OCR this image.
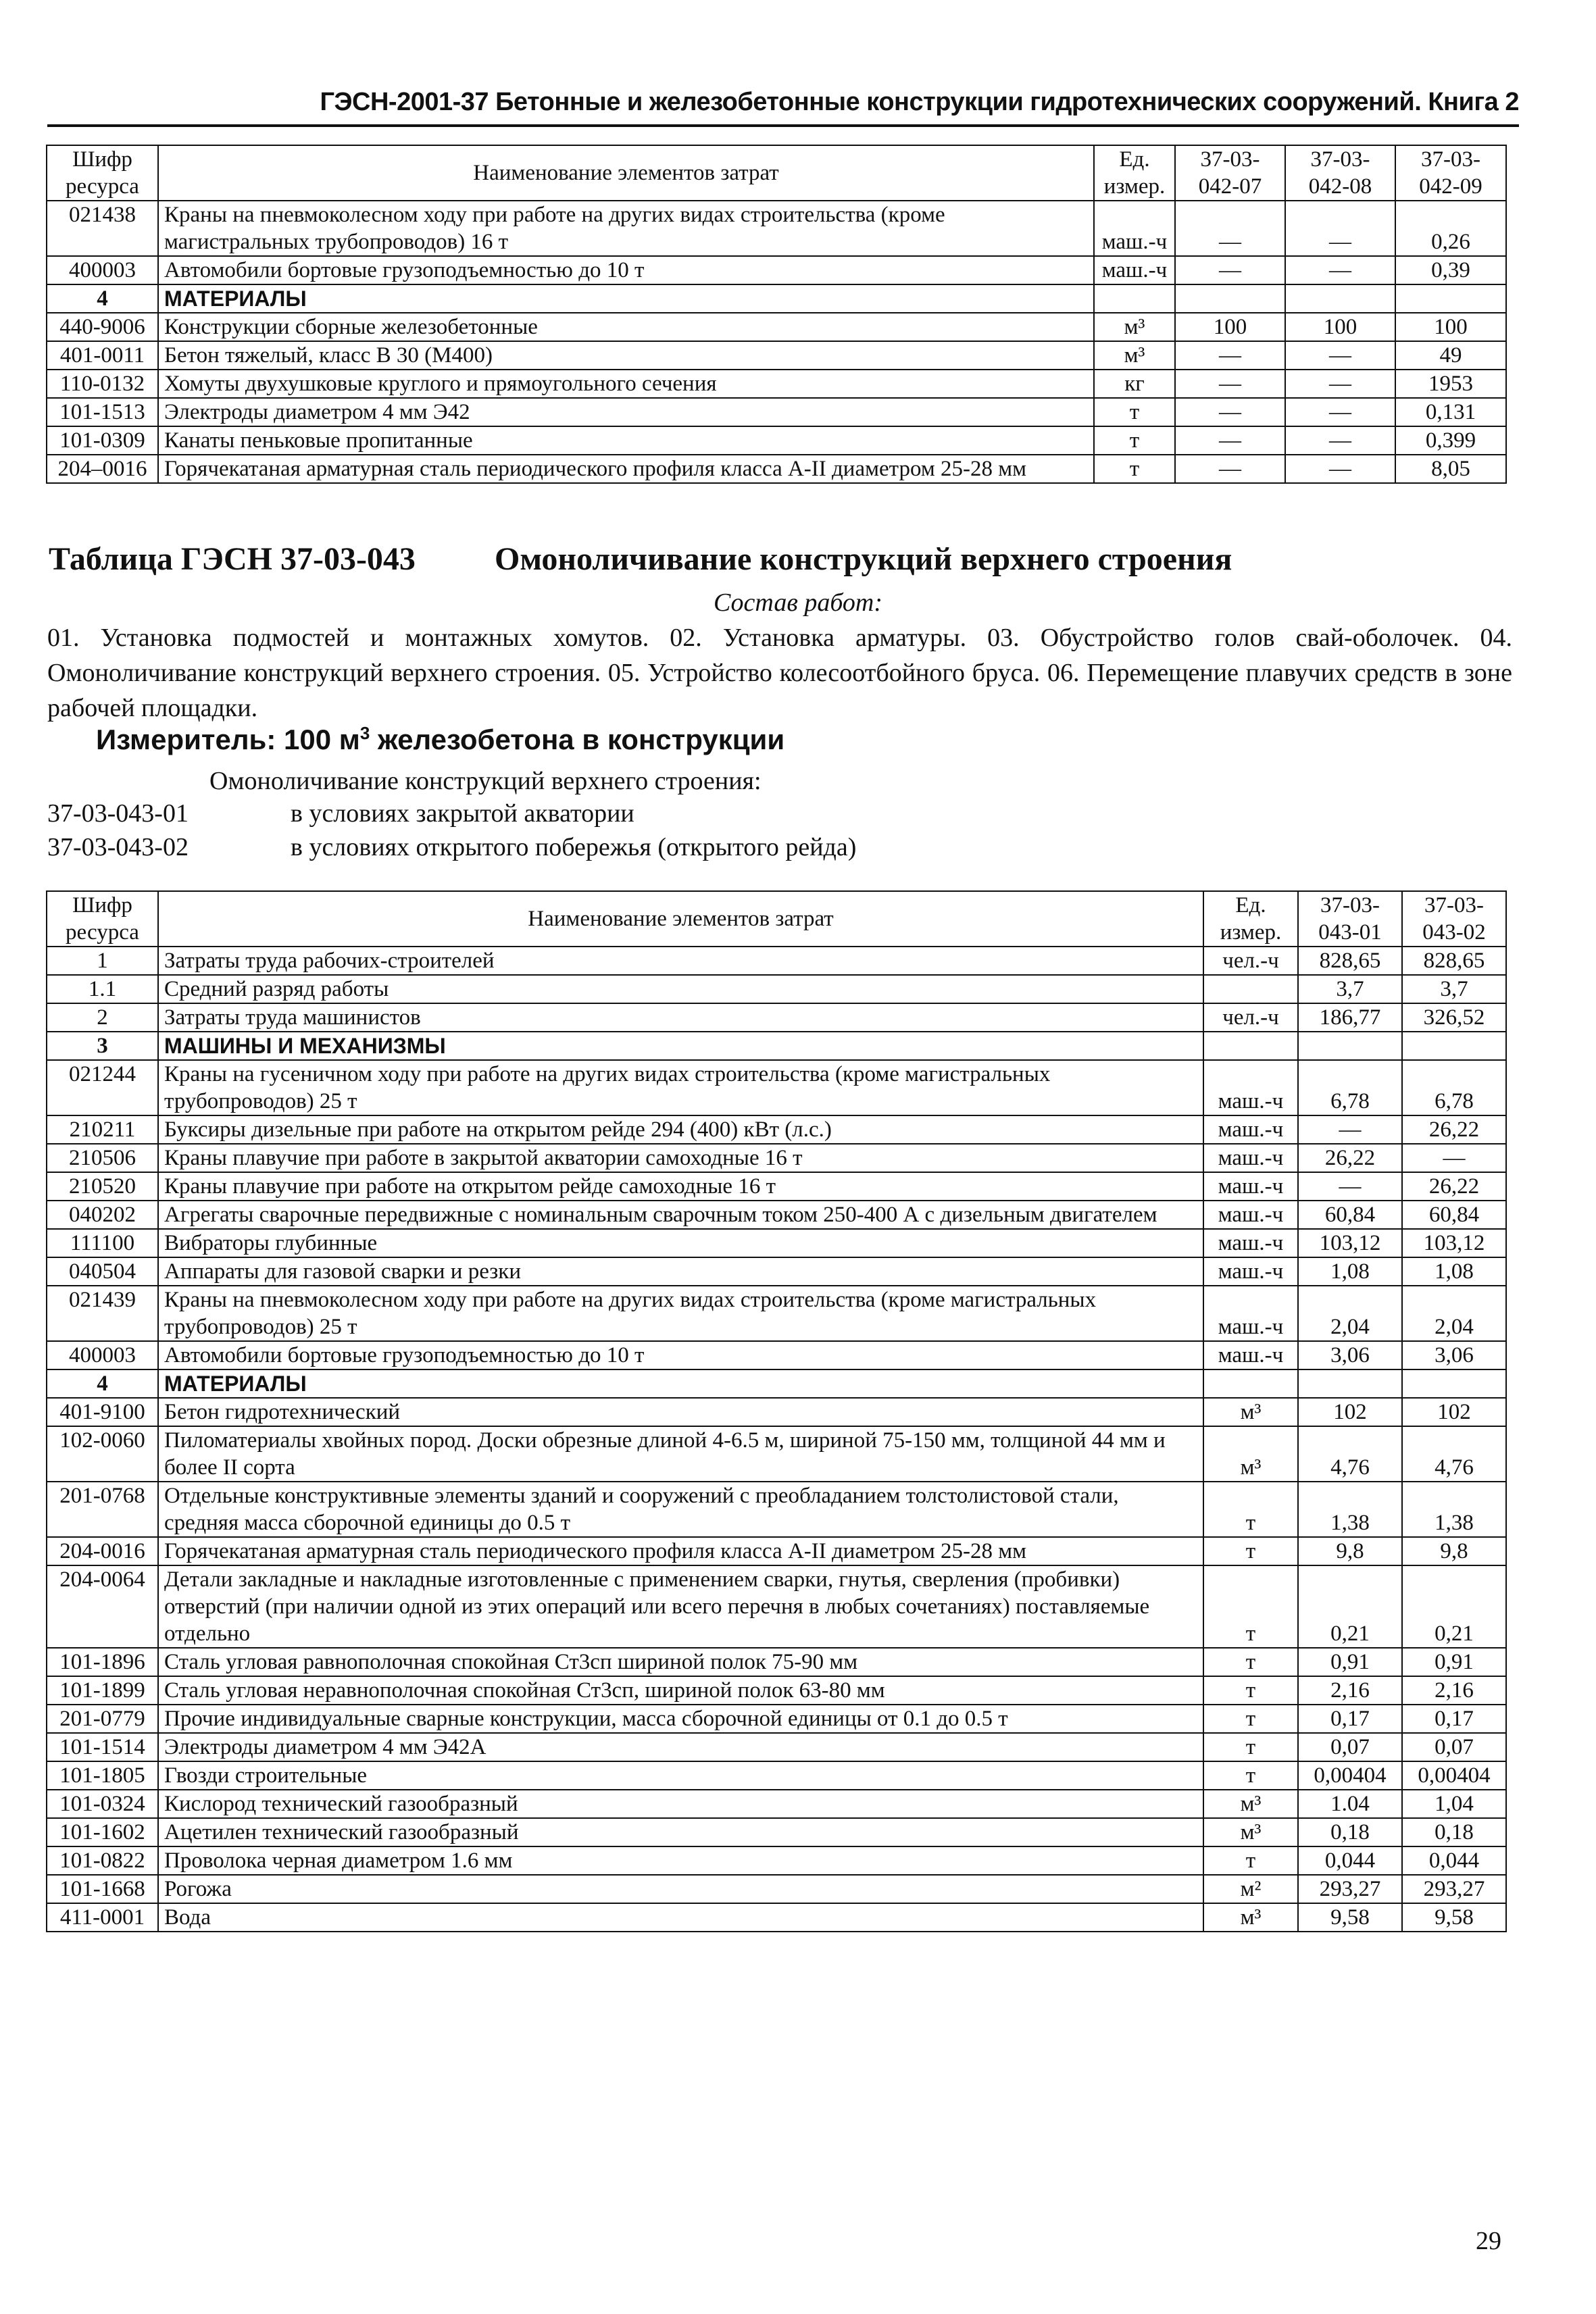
ГЭСН-2001-37 Бетонные и железобетонные конструкции гидротехнических сооружений. Книга 2
Шифр ресурса	Наименование элементов затрат	Ед. измер.	37-03-042-07	37-03-042-08	37-03-042-09
021438	Краны на пневмоколесном ходу при работе на других видах строительства (кроме магистральных трубопроводов) 16 т	маш.-ч	—	—	0,26
400003	Автомобили бортовые грузоподъемностью до 10 т	маш.-ч	—	—	0,39
4	МАТЕРИАЛЫ				
440-9006	Конструкции сборные железобетонные	м³	100	100	100
401-0011	Бетон тяжелый, класс В 30 (М400)	м³	—	—	49
110-0132	Хомуты двухушковые круглого и прямоугольного сечения	кг	—	—	1953
101-1513	Электроды диаметром 4 мм Э42	т	—	—	0,131
101-0309	Канаты пеньковые пропитанные	т	—	—	0,399
204–0016	Горячекатаная арматурная сталь периодического профиля класса А-II диаметром 25-28 мм	т	—	—	8,05
Таблица ГЭСН 37-03-043 Омоноличивание конструкций верхнего строения
Состав работ:
01. Установка подмостей и монтажных хомутов. 02. Установка арматуры. 03. Обустройство голов свай-оболочек. 04. Омоноличивание конструкций верхнего строения. 05. Устройство колесоотбойного бруса. 06. Перемещение плавучих средств в зоне рабочей площадки.
Измеритель: 100 $м^3$ железобетона в конструкции
Омоноличивание конструкций верхнего строения:
37-03-043-01	в условиях закрытой акватории
37-03-043-02	в условиях открытого побережья (открытого рейда)
Шифр ресурса	Наименование элементов затрат	Ед. измер.	37-03-043-01	37-03-043-02
1	Затраты труда рабочих-строителей	чел.-ч	828,65	828,65
1.1	Средний разряд работы		3,7	3,7
2	Затраты труда машинистов	чел.-ч	186,77	326,52
3	МАШИНЫ И МЕХАНИЗМЫ			
021244	Краны на гусеничном ходу при работе на других видах строительства (кроме магистральных трубопроводов) 25 т	маш.-ч	6,78	6,78
210211	Буксиры дизельные при работе на открытом рейде 294 (400) кВт (л.с.)	маш.-ч	—	26,22
210506	Краны плавучие при работе в закрытой акватории самоходные 16 т	маш.-ч	26,22	—
210520	Краны плавучие при работе на открытом рейде самоходные 16 т	маш.-ч	—	26,22
040202	Агрегаты сварочные передвижные с номинальным сварочным током 250-400 А с дизельным двигателем	маш.-ч	60,84	60,84
111100	Вибраторы глубинные	маш.-ч	103,12	103,12
040504	Аппараты для газовой сварки и резки	маш.-ч	1,08	1,08
021439	Краны на пневмоколесном ходу при работе на других видах строительства (кроме магистральных трубопроводов) 25 т	маш.-ч	2,04	2,04
400003	Автомобили бортовые грузоподъемностью до 10 т	маш.-ч	3,06	3,06
4	МАТЕРИАЛЫ			
401-9100	Бетон гидротехнический	м³	102	102
102-0060	Пиломатериалы хвойных пород. Доски обрезные длиной 4-6.5 м, шириной 75-150 мм, толщиной 44 мм и более II сорта	м³	4,76	4,76
201-0768	Отдельные конструктивные элементы зданий и сооружений с преобладанием толстолистовой стали, средняя масса сборочной единицы до 0.5 т	т	1,38	1,38
204-0016	Горячекатаная арматурная сталь периодического профиля класса А-II диаметром 25-28 мм	т	9,8	9,8
204-0064	Детали закладные и накладные изготовленные с применением сварки, гнутья, сверления (пробивки) отверстий (при наличии одной из этих операций или всего перечня в любых сочетаниях) поставляемые отдельно	т	0,21	0,21
101-1896	Сталь угловая равнополочная спокойная Ст3сп шириной полок 75-90 мм	т	0,91	0,91
101-1899	Сталь угловая неравнополочная спокойная Ст3сп, шириной полок 63-80 мм	т	2,16	2,16
201-0779	Прочие индивидуальные сварные конструкции, масса сборочной единицы от 0.1 до 0.5 т	т	0,17	0,17
101-1514	Электроды диаметром 4 мм Э42А	т	0,07	0,07
101-1805	Гвозди строительные	т	0,00404	0,00404
101-0324	Кислород технический газообразный	м³	1.04	1,04
101-1602	Ацетилен технический газообразный	м³	0,18	0,18
101-0822	Проволока черная диаметром 1.6 мм	т	0,044	0,044
101-1668	Рогожа	м²	293,27	293,27
411-0001	Вода	м³	9,58	9,58
29
